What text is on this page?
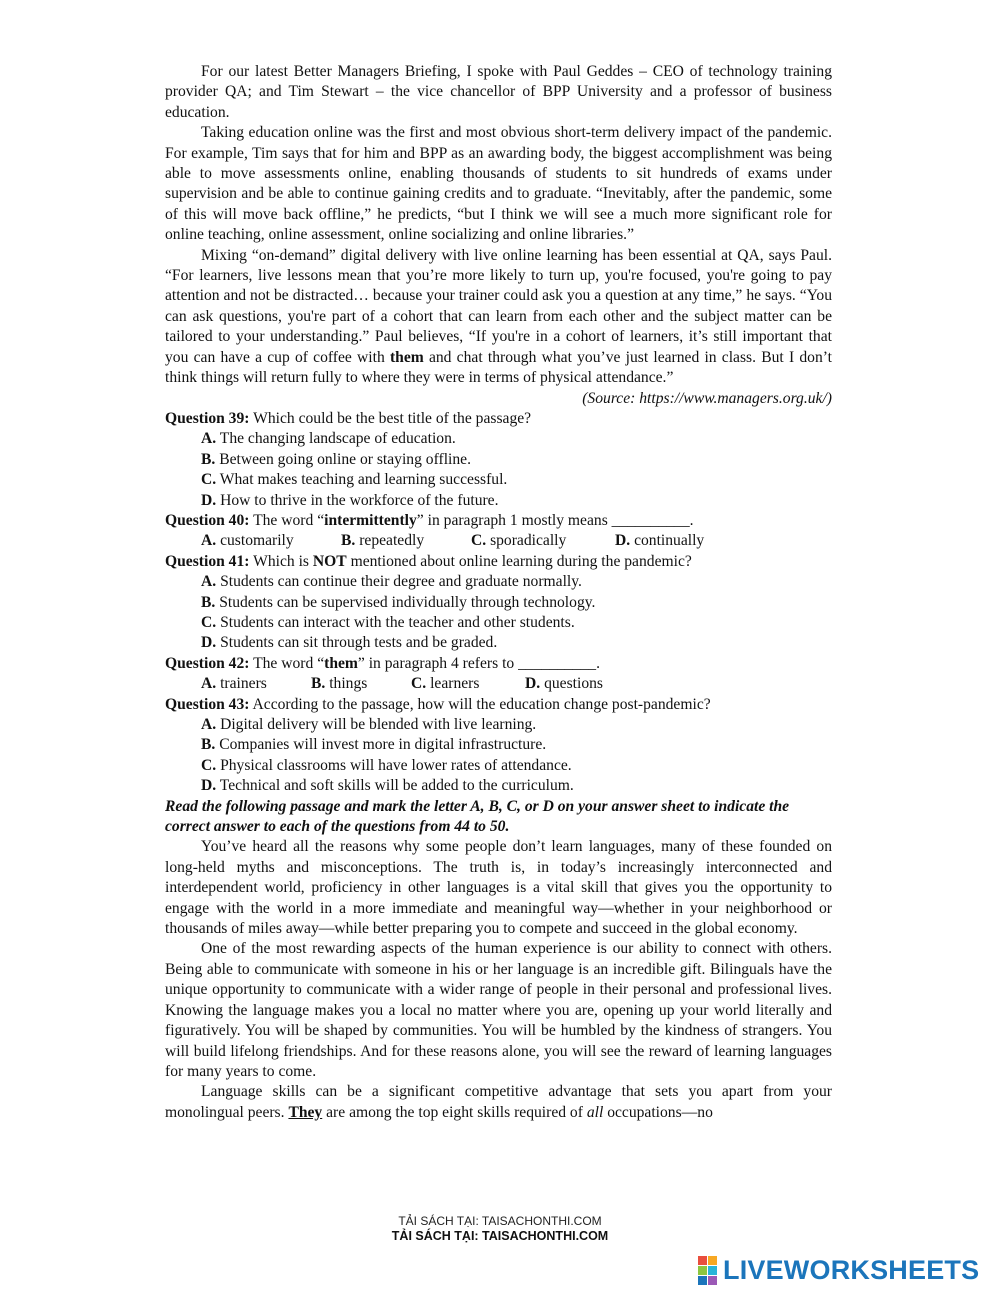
For our latest Better Managers Briefing, I spoke with Paul Geddes – CEO of technology training provider QA; and Tim Stewart – the vice chancellor of BPP University and a professor of business education.

Taking education online was the first and most obvious short-term delivery impact of the pandemic. For example, Tim says that for him and BPP as an awarding body, the biggest accomplishment was being able to move assessments online, enabling thousands of students to sit hundreds of exams under supervision and be able to continue gaining credits and to graduate. “Inevitably, after the pandemic, some of this will move back offline,” he predicts, “but I think we will see a much more significant role for online teaching, online assessment, online socializing and online libraries.”

Mixing “on-demand” digital delivery with live online learning has been essential at QA, says Paul. “For learners, live lessons mean that you’re more likely to turn up, you're focused, you're going to pay attention and not be distracted… because your trainer could ask you a question at any time,” he says. “You can ask questions, you're part of a cohort that can learn from each other and the subject matter can be tailored to your understanding.” Paul believes, “If you're in a cohort of learners, it’s still important that you can have a cup of coffee with them and chat through what you’ve just learned in class. But I don’t think things will return fully to where they were in terms of physical attendance.”

(Source: https://www.managers.org.uk/)

Question 39: Which could be the best title of the passage?

A. The changing landscape of education.

B. Between going online or staying offline.

C. What makes teaching and learning successful.

D. How to thrive in the workforce of the future.

Question 40: The word “intermittently” in paragraph 1 mostly means __________.

A. customarily	B. repeatedly	C. sporadically	D. continually

Question 41: Which is NOT mentioned about online learning during the pandemic?

A. Students can continue their degree and graduate normally.

B. Students can be supervised individually through technology.

C. Students can interact with the teacher and other students.

D. Students can sit through tests and be graded.

Question 42: The word “them” in paragraph 4 refers to __________.

A. trainers	B. things	C. learners	D. questions

Question 43: According to the passage, how will the education change post-pandemic?

A. Digital delivery will be blended with live learning.

B. Companies will invest more in digital infrastructure.

C. Physical classrooms will have lower rates of attendance.

D. Technical and soft skills will be added to the curriculum.

Read the following passage and mark the letter A, B, C, or D on your answer sheet to indicate the correct answer to each of the questions from 44 to 50.

You’ve heard all the reasons why some people don’t learn languages, many of these founded on long-held myths and misconceptions. The truth is, in today’s increasingly interconnected and interdependent world, proficiency in other languages is a vital skill that gives you the opportunity to engage with the world in a more immediate and meaningful way—whether in your neighborhood or thousands of miles away—while better preparing you to compete and succeed in the global economy.

One of the most rewarding aspects of the human experience is our ability to connect with others. Being able to communicate with someone in his or her language is an incredible gift. Bilinguals have the unique opportunity to communicate with a wider range of people in their personal and professional lives. Knowing the language makes you a local no matter where you are, opening up your world literally and figuratively. You will be shaped by communities. You will be humbled by the kindness of strangers. You will build lifelong friendships. And for these reasons alone, you will see the reward of learning languages for many years to come.

Language skills can be a significant competitive advantage that sets you apart from your monolingual peers. They are among the top eight skills required of all occupations—no

TẢI SÁCH TẠI: TAISACHONTHI.COM
TẢI SÁCH TẠI: TAISACHONTHI.COM
LIVEWORKSHEETS
